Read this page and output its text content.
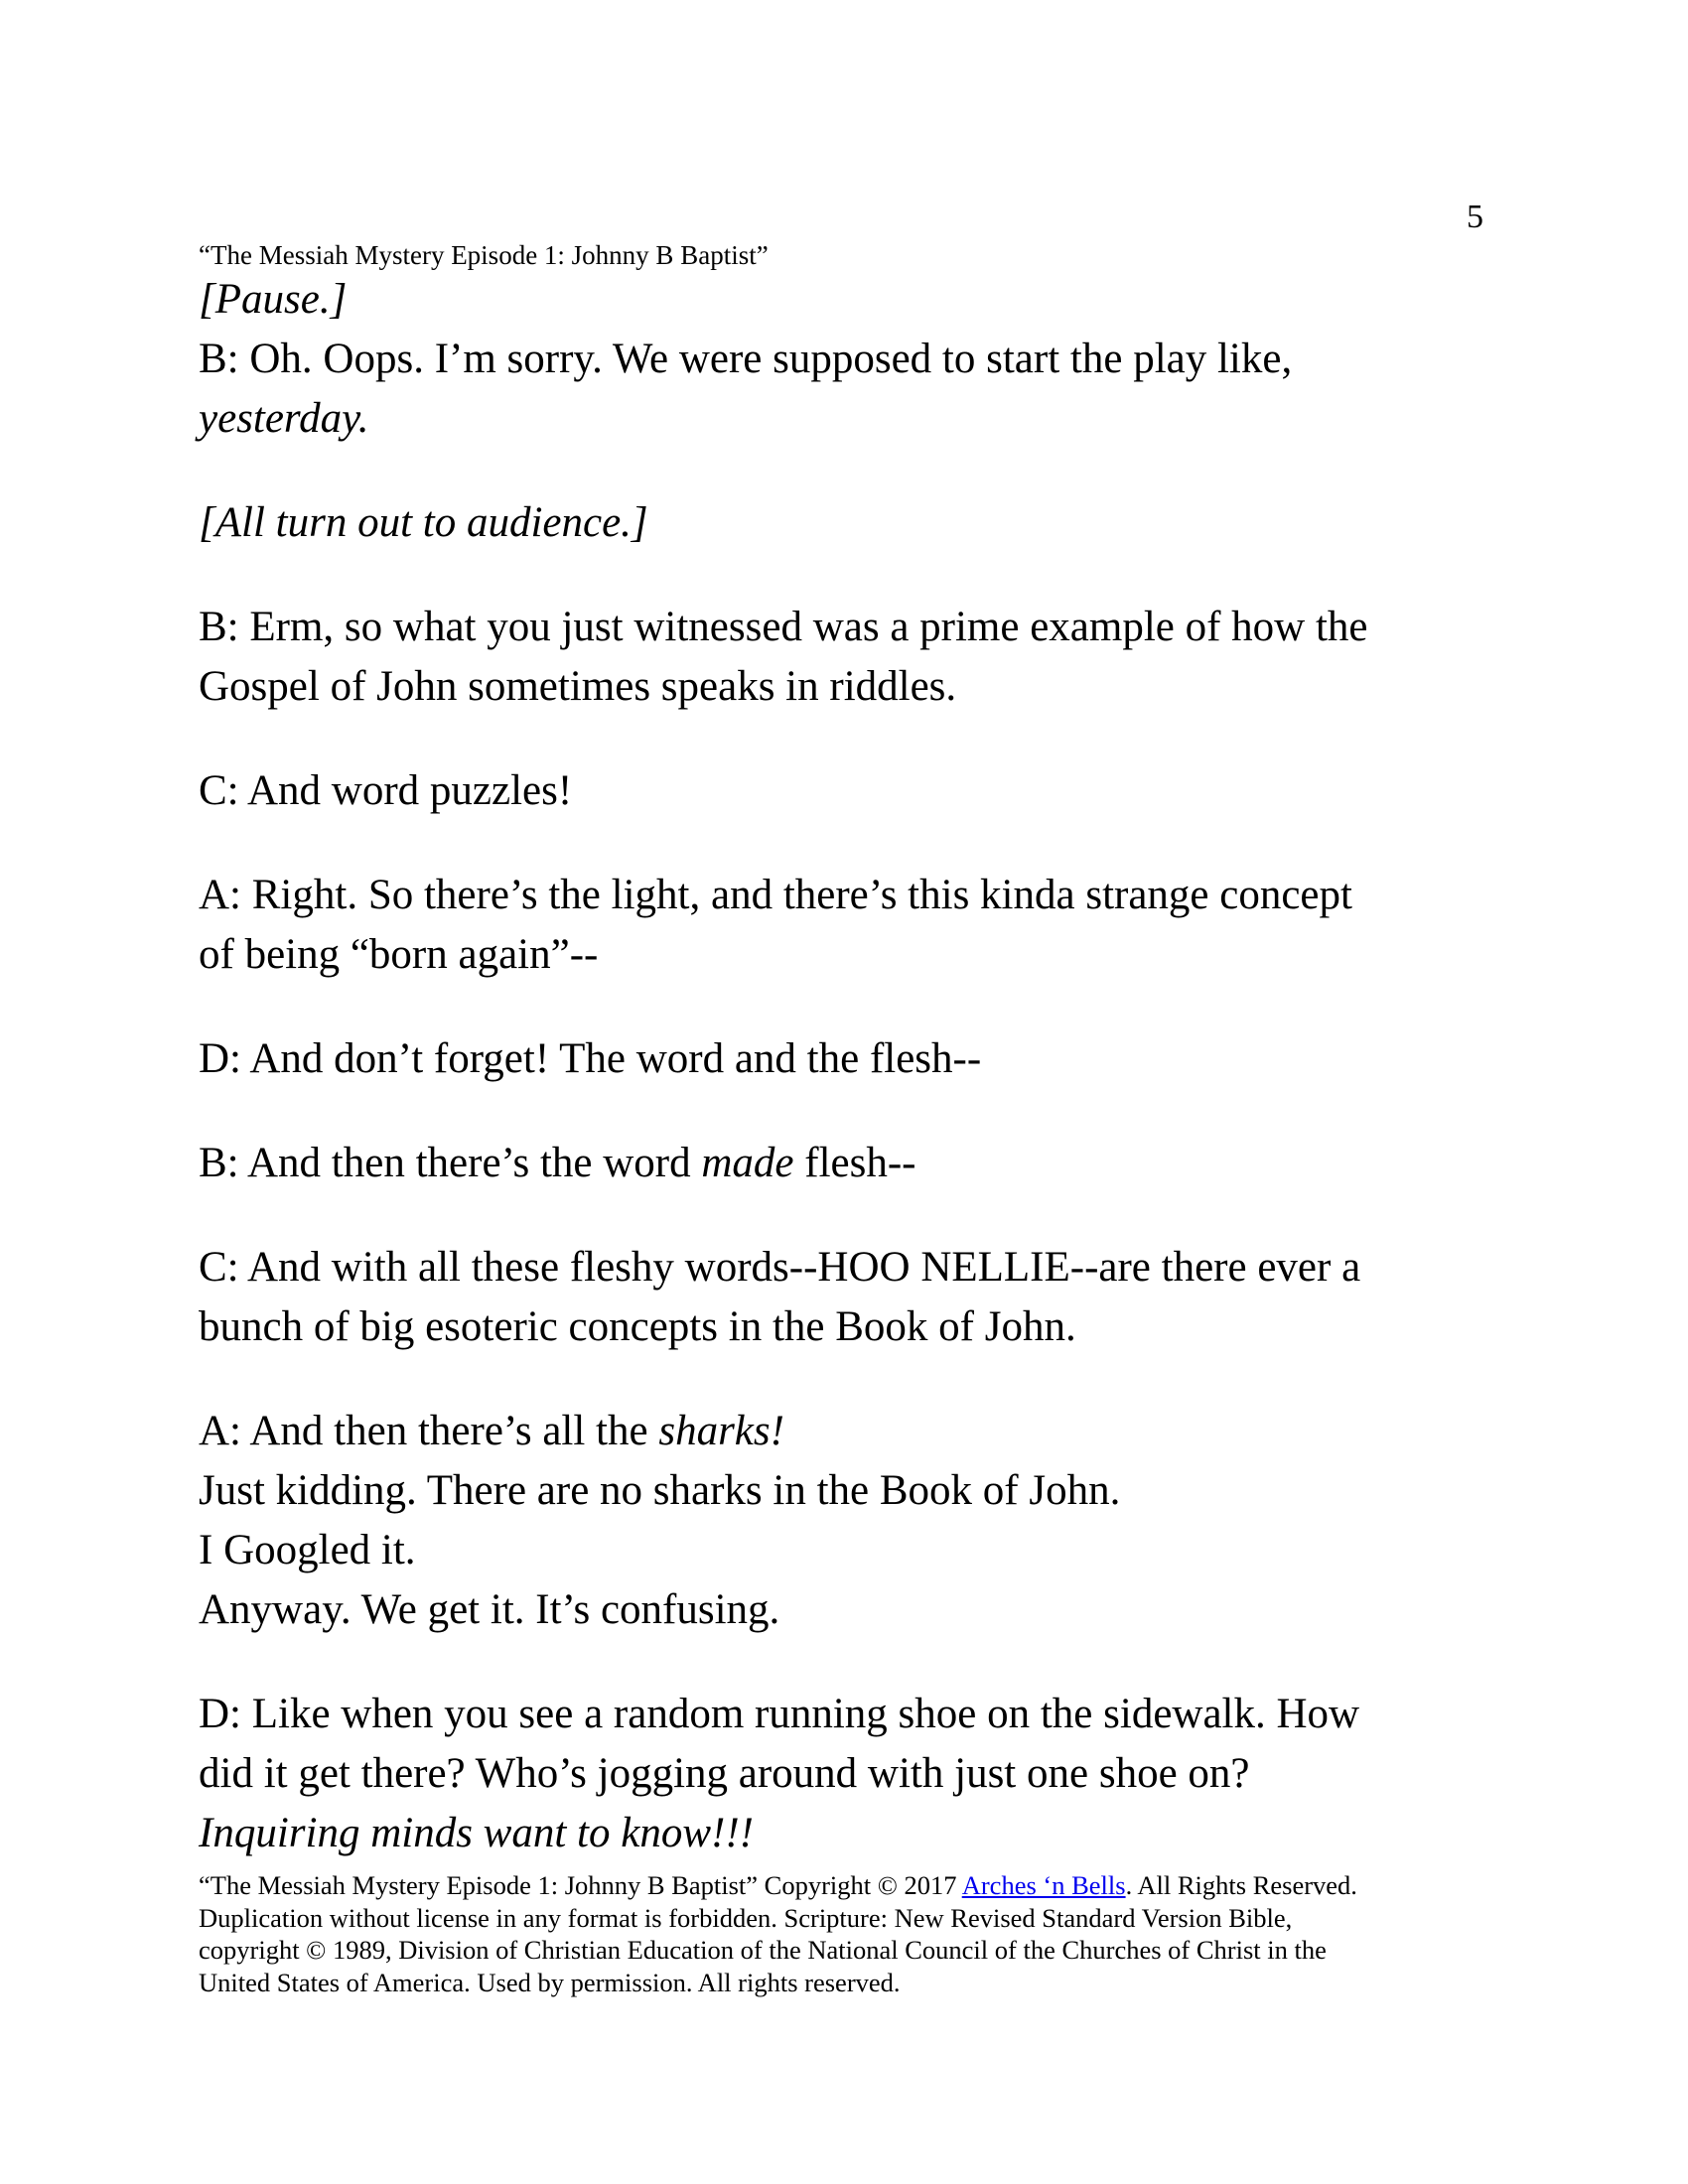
5
“The Messiah Mystery Episode 1: Johnny B Baptist”

[Pause.]

B: Oh. Oops. I’m sorry. We were supposed to start the play like,

yesterday.

[All turn out to audience.]

B: Erm, so what you just witnessed was a prime example of how the

Gospel of John sometimes speaks in riddles.

C: And word puzzles!

A: Right. So there’s the light, and there’s this kinda strange concept

of being “born again”--

D: And don’t forget! The word and the flesh--

B: And then there’s the word made flesh--

C: And with all these fleshy words--HOO NELLIE--are there ever a

bunch of big esoteric concepts in the Book of John.

A: And then there’s all the sharks!

Just kidding. There are no sharks in the Book of John.

I Googled it.

Anyway. We get it. It’s confusing.

D: Like when you see a random running shoe on the sidewalk. How

did it get there? Who’s jogging around with just one shoe on?

Inquiring minds want to know!!!

“The Messiah Mystery Episode 1: Johnny B Baptist” Copyright © 2017 Arches ‘n Bells. All Rights Reserved.
Duplication without license in any format is forbidden. Scripture: New Revised Standard Version Bible,
copyright © 1989, Division of Christian Education of the National Council of the Churches of Christ in the
United States of America. Used by permission. All rights reserved.
